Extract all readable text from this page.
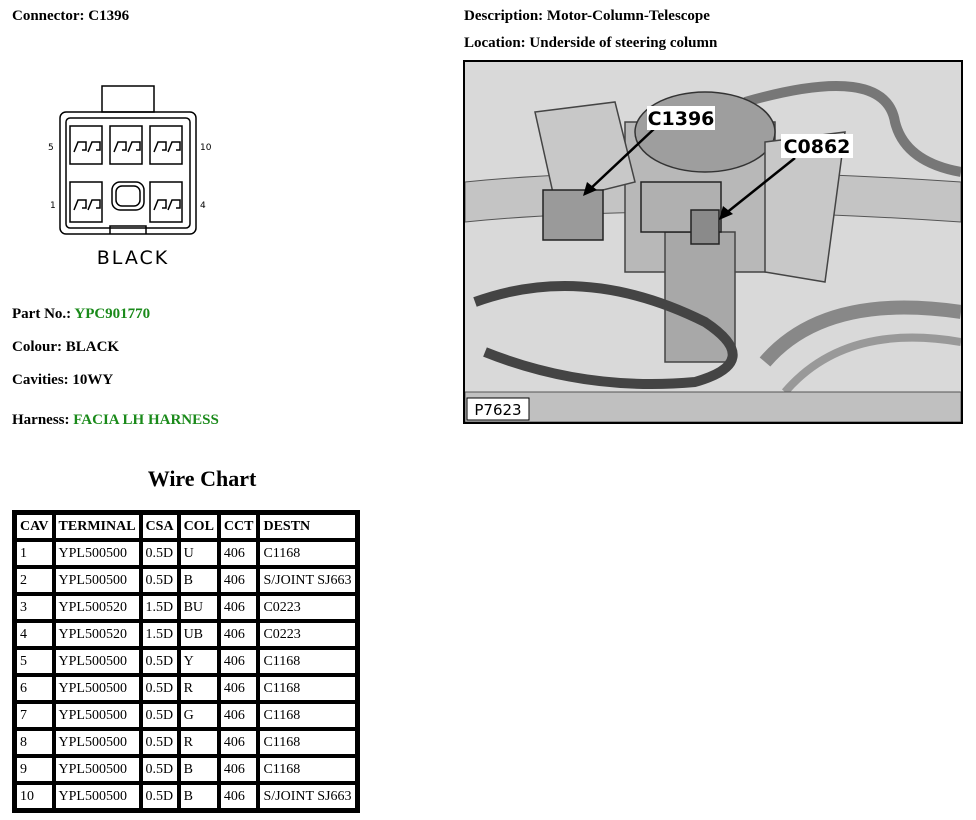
Connector: C1396	Description: Motor-Column-Telescope
Location: Underside of steering column
5	10
1	4
BLACK
C1396
C0862
P7623
Part No.: YPC901770
Colour: BLACK
Cavities: 10WY
Harness: FACIA LH HARNESS
Wire Chart
CAV	TERMINAL	CSA	COL	CCT	DESTN
1	YPL500500	0.5D	U	406	C1168
2	YPL500500	0.5D	B	406	S/JOINT SJ663
3	YPL500520	1.5D	BU	406	C0223
4	YPL500520	1.5D	UB	406	C0223
5	YPL500500	0.5D	Y	406	C1168
6	YPL500500	0.5D	R	406	C1168
7	YPL500500	0.5D	G	406	C1168
8	YPL500500	0.5D	R	406	C1168
9	YPL500500	0.5D	B	406	C1168
10	YPL500500	0.5D	B	406	S/JOINT SJ663
